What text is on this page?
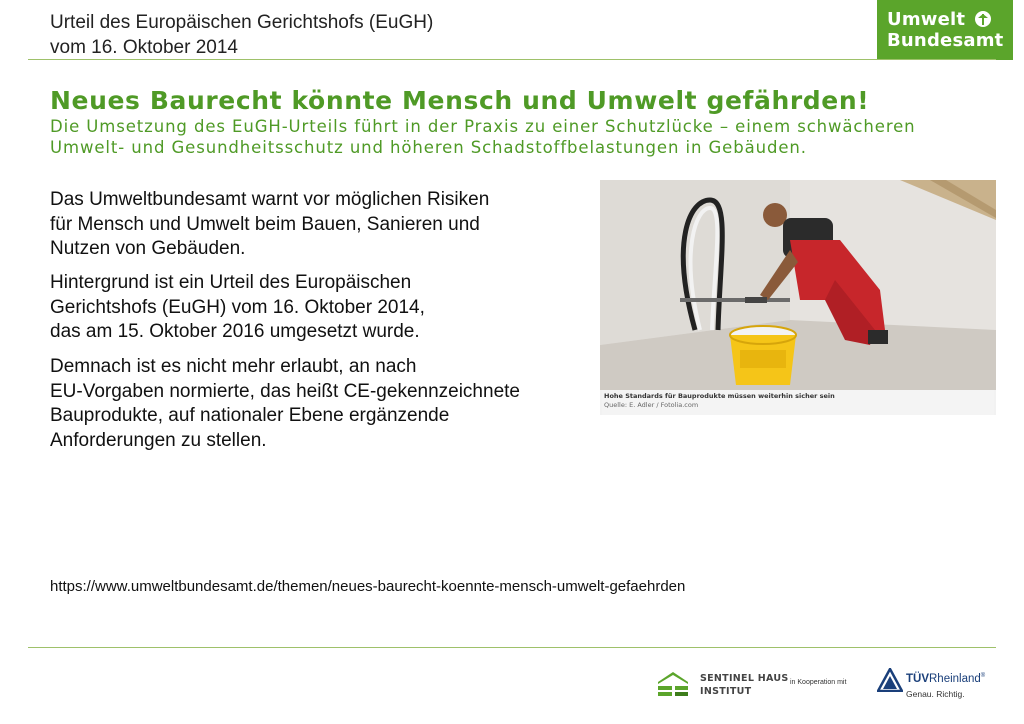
Urteil des Europäischen Gerichtshofs (EuGH)
vom 16. Oktober 2014
Umwelt
Bundesamt
Neues Baurecht könnte Mensch und Umwelt gefährden!
Die Umsetzung des EuGH-Urteils führt in der Praxis zu einer Schutzlücke – einem schwächeren
Umwelt- und Gesundheitsschutz und höheren Schadstoffbelastungen in Gebäuden.
Das Umweltbundesamt warnt vor möglichen Risiken
für Mensch und Umwelt beim Bauen, Sanieren und
Nutzen von Gebäuden.
Hintergrund ist ein Urteil des Europäischen
Gerichtshofs (EuGH) vom 16. Oktober 2014,
das am 15. Oktober 2016 umgesetzt wurde.
Demnach ist es nicht mehr erlaubt, an nach
EU-Vorgaben normierte, das heißt CE-gekennzeichnete
Bauprodukte, auf nationaler Ebene ergänzende
Anforderungen zu stellen.
Hohe Standards für Bauprodukte müssen weiterhin sicher sein
Quelle: E. Adler / Fotolia.com
https://www.umweltbundesamt.de/themen/neues-baurecht-koennte-mensch-umwelt-gefaehrden
SENTINEL HAUS
INSTITUT
in Kooperation mit	TÜVRheinland®
Genau. Richtig.
